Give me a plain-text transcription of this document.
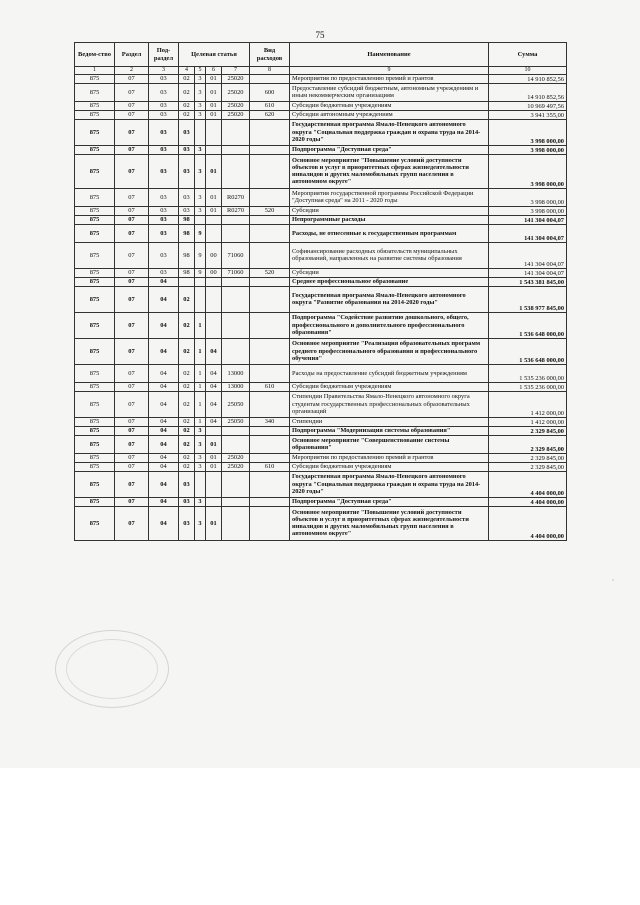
75
Ведом-ство	Раздел	Под-раздел	Целевая статья				Вид расходов	Наименование	Сумма
1	2	3	4	5	6	7	8	9	10
875	07	03	02	3	01	25020		Мероприятия по предоставлению премий и грантов	14 910 852,56
875	07	03	02	3	01	25020	600	Предоставление субсидий бюджетным, автономным учреждениям и иным некоммерческим организациям	14 910 852,56
875	07	03	02	3	01	25020	610	Субсидии бюджетным учреждениям	10 969 497,56
875	07	03	02	3	01	25020	620	Субсидии автономным учреждениям	3 941 355,00
875	07	03	03					Государственная программа Ямало-Ненецкого автономного округа "Социальная поддержка граждан и охрана труда на 2014-2020 годы"	3 998 000,00
875	07	03	03	3				Подпрограмма "Доступная среда"	3 998 000,00
875	07	03	03	3	01			Основное мероприятие "Повышение условий доступности объектов и услуг в приоритетных сферах жизнедеятельности инвалидов и других маломобильных групп населения в автономном округе"	3 998 000,00
875	07	03	03	3	01	R0270		Мероприятия государственной программы Российской Федерации "Доступная среда" на 2011 - 2020 годы	3 998 000,00
875	07	03	03	3	01	R0270	520	Субсидии	3 998 000,00
875	07	03	98					Непрограммные расходы	141 304 004,07
875	07	03	98	9				Расходы, не отнесенные к государственным программам	141 304 004,07
875	07	03	98	9	00	71060		Софинансирование расходных обязательств муниципальных образований, направленных на развитие системы образования	141 304 004,07
875	07	03	98	9	00	71060	520	Субсидии	141 304 004,07
875	07	04						Среднее профессиональное образование	1 543 381 845,00
875	07	04	02					Государственная программа Ямало-Ненецкого автономного округа "Развитие образования на 2014-2020 годы"	1 538 977 845,00
875	07	04	02	1				Подпрограмма "Содействие развитию дошкольного, общего, профессионального и дополнительного профессионального образования"	1 536 648 000,00
875	07	04	02	1	04			Основное мероприятие "Реализация образовательных программ среднего профессионального образования и профессионального обучения"	1 536 648 000,00
875	07	04	02	1	04	13000		Расходы на предоставление субсидий бюджетным учреждениям	1 535 236 000,00
875	07	04	02	1	04	13000	610	Субсидии бюджетным учреждениям	1 535 236 000,00
875	07	04	02	1	04	25050		Стипендии Правительства Ямало-Ненецкого автономного округа студентам государственных профессиональных образовательных организаций	1 412 000,00
875	07	04	02	1	04	25050	340	Стипендии	1 412 000,00
875	07	04	02	3				Подпрограмма "Модернизация системы образования"	2 329 845,00
875	07	04	02	3	01			Основное мероприятие "Совершенствование системы образования"	2 329 845,00
875	07	04	02	3	01	25020		Мероприятия по предоставлению премий и грантов	2 329 845,00
875	07	04	02	3	01	25020	610	Субсидии бюджетным учреждениям	2 329 845,00
875	07	04	03					Государственная программа Ямало-Ненецкого автономного округа "Социальная поддержка граждан и охрана труда на 2014-2020 годы"	4 404 000,00
875	07	04	03	3				Подпрограмма "Доступная среда"	4 404 000,00
875	07	04	03	3	01			Основное мероприятие "Повышение условий доступности объектов и услуг в приоритетных сферах жизнедеятельности инвалидов и других маломобильных групп населения в автономном округе"	4 404 000,00
ﾟ
